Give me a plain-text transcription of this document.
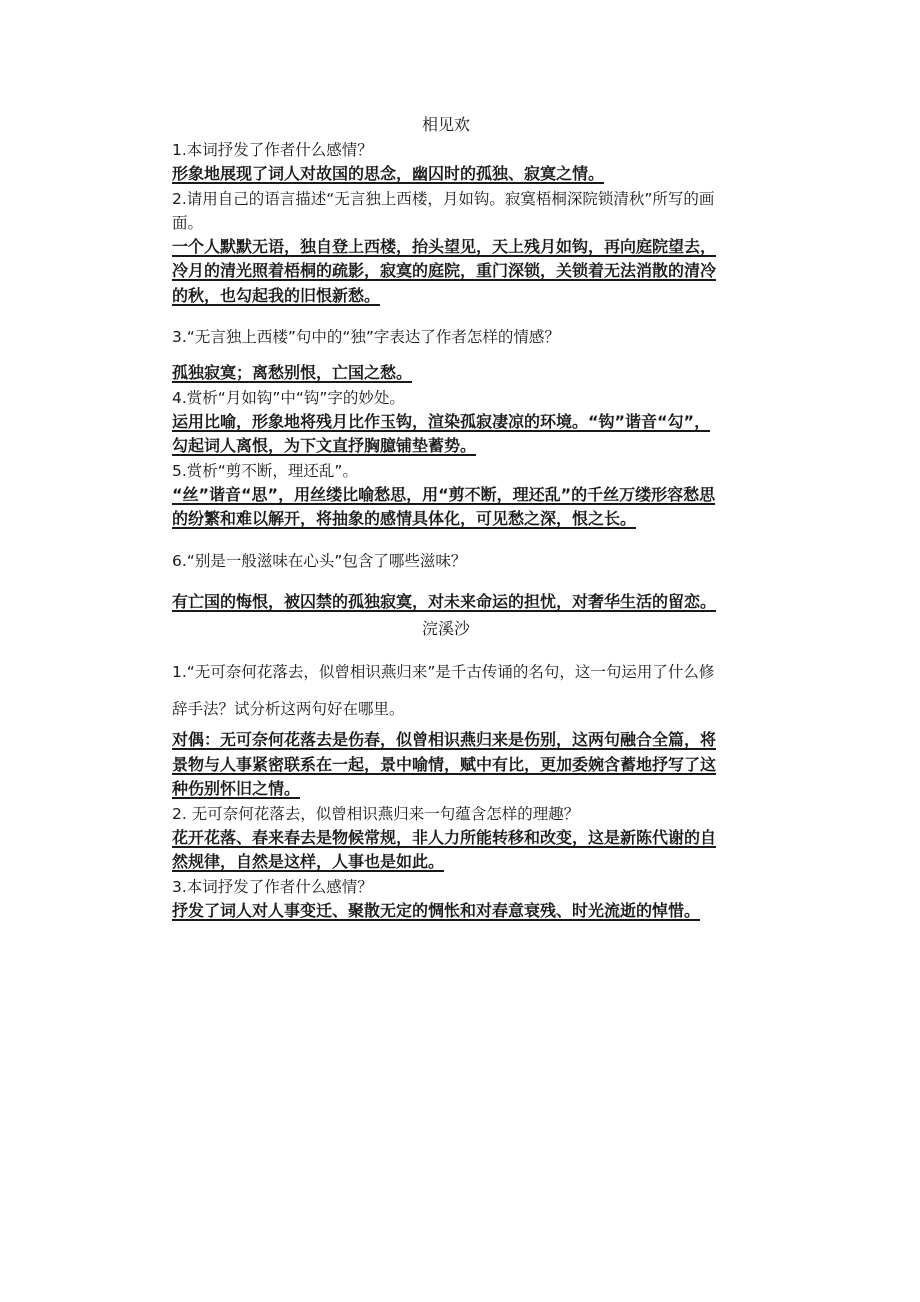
相见欢

1.本词抒发了作者什么感情？

形象地展现了词人对故国的思念，幽囚时的孤独、寂寞之情。

2.请用自己的语言描述“无言独上西楼，月如钩。寂寞梧桐深院锁清秋”所写的画面。

一个人默默无语，独自登上西楼，抬头望见，天上残月如钩，再向庭院望去，冷月的清光照着梧桐的疏影，寂寞的庭院，重门深锁，关锁着无法消散的清冷的秋，也勾起我的旧恨新愁。

3.“无言独上西楼”句中的“独”字表达了作者怎样的情感？

孤独寂寞；离愁别恨，亡国之愁。

4.赏析“月如钩”中“钩”字的妙处。

运用比喻，形象地将残月比作玉钩，渲染孤寂凄凉的环境。“钩”谐音“勾”，勾起词人离恨，为下文直抒胸臆铺垫蓄势。

5.赏析“剪不断，理还乱”。

“丝”谐音“思”，用丝缕比喻愁思，用“剪不断，理还乱”的千丝万缕形容愁思的纷繁和难以解开，将抽象的感情具体化，可见愁之深，恨之长。

6.“别是一般滋味在心头”包含了哪些滋味？

有亡国的悔恨，被囚禁的孤独寂寞，对未来命运的担忧，对奢华生活的留恋。

浣溪沙

1.“无可奈何花落去，似曾相识燕归来”是千古传诵的名句，这一句运用了什么修辞手法？试分析这两句好在哪里。

对偶：无可奈何花落去是伤春，似曾相识燕归来是伤别，这两句融合全篇，将景物与人事紧密联系在一起，景中喻情，赋中有比，更加委婉含蓄地抒写了这种伤别怀旧之情。

2. 无可奈何花落去，似曾相识燕归来一句蕴含怎样的理趣？

花开花落、春来春去是物候常规，非人力所能转移和改变，这是新陈代谢的自然规律，自然是这样，人事也是如此。

3.本词抒发了作者什么感情？

抒发了词人对人事变迁、聚散无定的惆怅和对春意衰残、时光流逝的悼惜。
